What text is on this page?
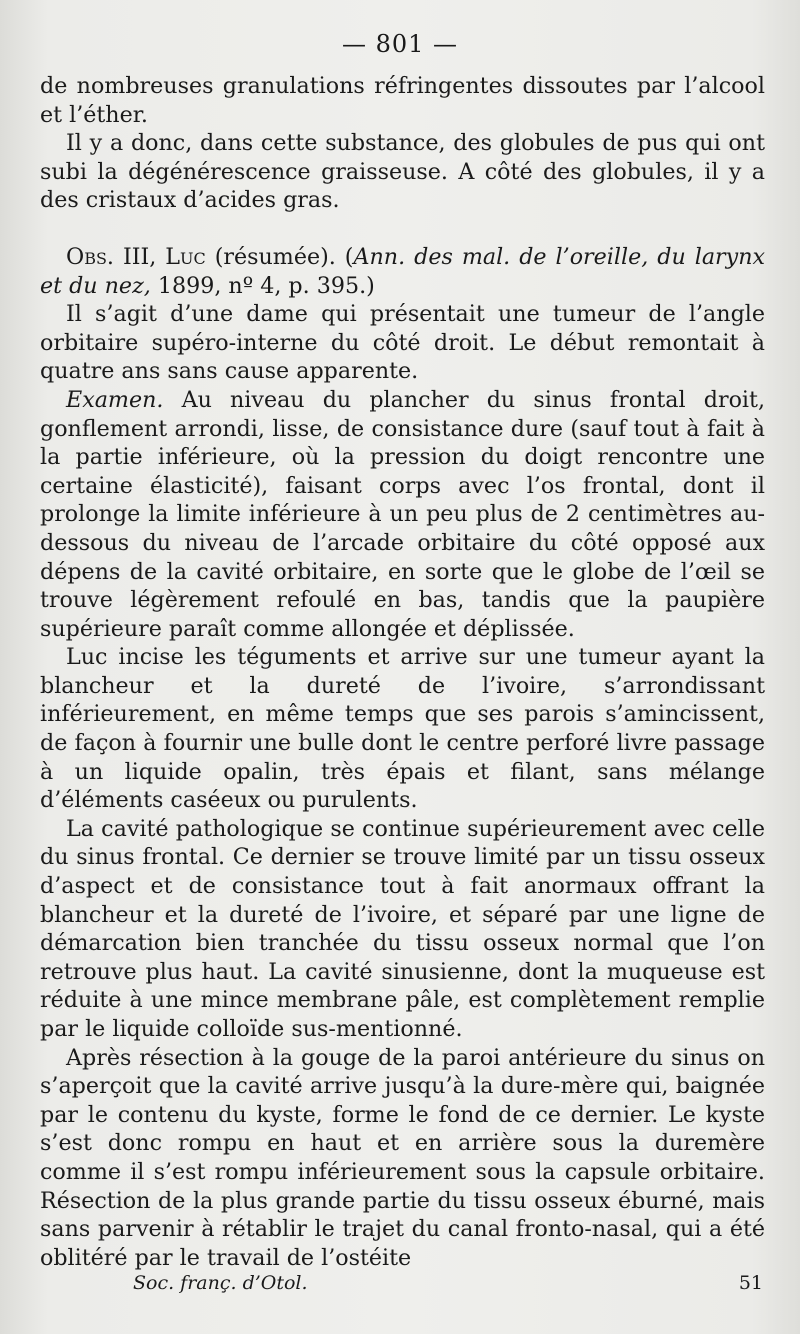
— 801 —

de nombreuses granulations réfringentes dissoutes par l’alcool et l’éther.

Il y a donc, dans cette substance, des globules de pus qui ont subi la dégénérescence graisseuse. A côté des globules, il y a des cristaux d’acides gras.

Obs. III, Luc (résumée). (Ann. des mal. de l’oreille, du larynx et du nez, 1899, nº 4, p. 395.)

Il s’agit d’une dame qui présentait une tumeur de l’angle orbitaire supéro-interne du côté droit. Le début remontait à quatre ans sans cause apparente.

Examen. Au niveau du plancher du sinus frontal droit, gonflement arrondi, lisse, de consistance dure (sauf tout à fait à la partie inférieure, où la pression du doigt rencontre une certaine élasticité), faisant corps avec l’os frontal, dont il prolonge la limite inférieure à un peu plus de 2 centimètres au-dessous du niveau de l’arcade orbitaire du côté opposé aux dépens de la cavité orbitaire, en sorte que le globe de l’œil se trouve légèrement refoulé en bas, tandis que la paupière supérieure paraît comme allongée et déplissée.

Luc incise les téguments et arrive sur une tumeur ayant la blancheur et la dureté de l’ivoire, s’arrondissant inférieurement, en même temps que ses parois s’amincissent, de façon à fournir une bulle dont le centre perforé livre passage à un liquide opalin, très épais et filant, sans mélange d’éléments caséeux ou purulents.

La cavité pathologique se continue supérieurement avec celle du sinus frontal. Ce dernier se trouve limité par un tissu osseux d’aspect et de consistance tout à fait anormaux offrant la blancheur et la dureté de l’ivoire, et séparé par une ligne de démarcation bien tranchée du tissu osseux normal que l’on retrouve plus haut. La cavité sinusienne, dont la muqueuse est réduite à une mince membrane pâle, est complètement remplie par le liquide colloïde sus-mentionné.

Après résection à la gouge de la paroi antérieure du sinus on s’aperçoit que la cavité arrive jusqu’à la dure-mère qui, baignée par le contenu du kyste, forme le fond de ce dernier. Le kyste s’est donc rompu en haut et en arrière sous la duremère comme il s’est rompu inférieurement sous la capsule orbitaire. Résection de la plus grande partie du tissu osseux éburné, mais sans parvenir à rétablir le trajet du canal fronto-nasal, qui a été oblitéré par le travail de l’ostéite

Soc. franç. d’Otol.	51
